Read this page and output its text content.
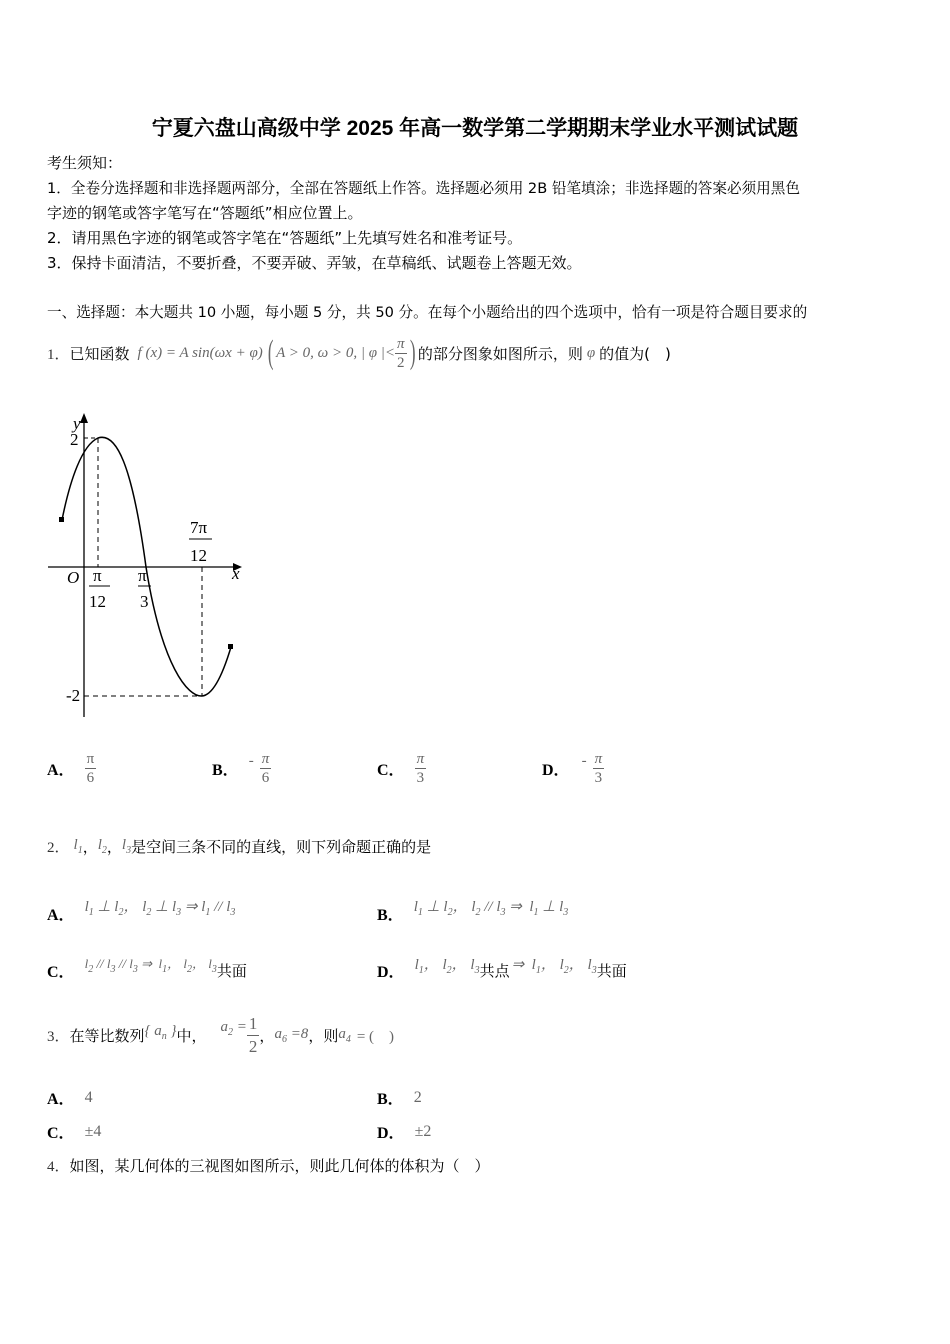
宁夏六盘山高级中学 2025 年高一数学第二学期期末学业水平测试试题
考生须知：
1．全卷分选择题和非选择题两部分，全部在答题纸上作答。选择题必须用 2B 铅笔填涂；非选择题的答案必须用黑色
字迹的钢笔或答字笔写在“答题纸”相应位置上。
2．请用黑色字迹的钢笔或答字笔在“答题纸”上先填写姓名和准考证号。
3．保持卡面清洁，不要折叠，不要弄破、弄皱，在草稿纸、试题卷上答题无效。
一、选择题：本大题共 10 小题，每小题 5 分，共 50 分。在每个小题给出的四个选项中，恰有一项是符合题目要求的
1． 已知函数 f (x) = A sin(ωx + φ) ( A > 0, ω > 0, | φ |< $\frac{\pi}{2}$ ) 的部分图象如图所示，则 φ 的值为(　)
y
2
-2
x
O π
12
π
3
7π
12
A． $\frac{\pi}{6}$	B．
- $\frac{\pi}{6}$	C． $\frac{\pi}{3}$	D．
- $\frac{\pi}{3}$
2． $l_1$ ， $l_2$ ， $l_3$ 是空间三条不同的直线，则下列命题正确的是
A． $l_1$ ⊥ $l_2$， $l_2$ ⊥ $l_3$ ⇒ $l_1 // l_3$	B． $l_1$ ⊥ $l_2$， $l_2 // l_3$ ⇒  $l_1$ ⊥ $l_3$
C． $l_2 // l_3 // l_3$ ⇒  $l_1$， $l_2$， $l_3$ 共面	D． $l_1$， $l_2$， $l_3$ 共点 ⇒  $l_1$， $l_2$， $l_3$ 共面
3． 在等比数列 { $a_n$ } 中， $a_2 = \frac{1}{2}$ ， $a_6 =8$ ，则 $a_4$ = (　)
A． 4	B． 2
C． ±4	D． ±2
4． 如图，某几何体的三视图如图所示，则此几何体的体积为（　）
